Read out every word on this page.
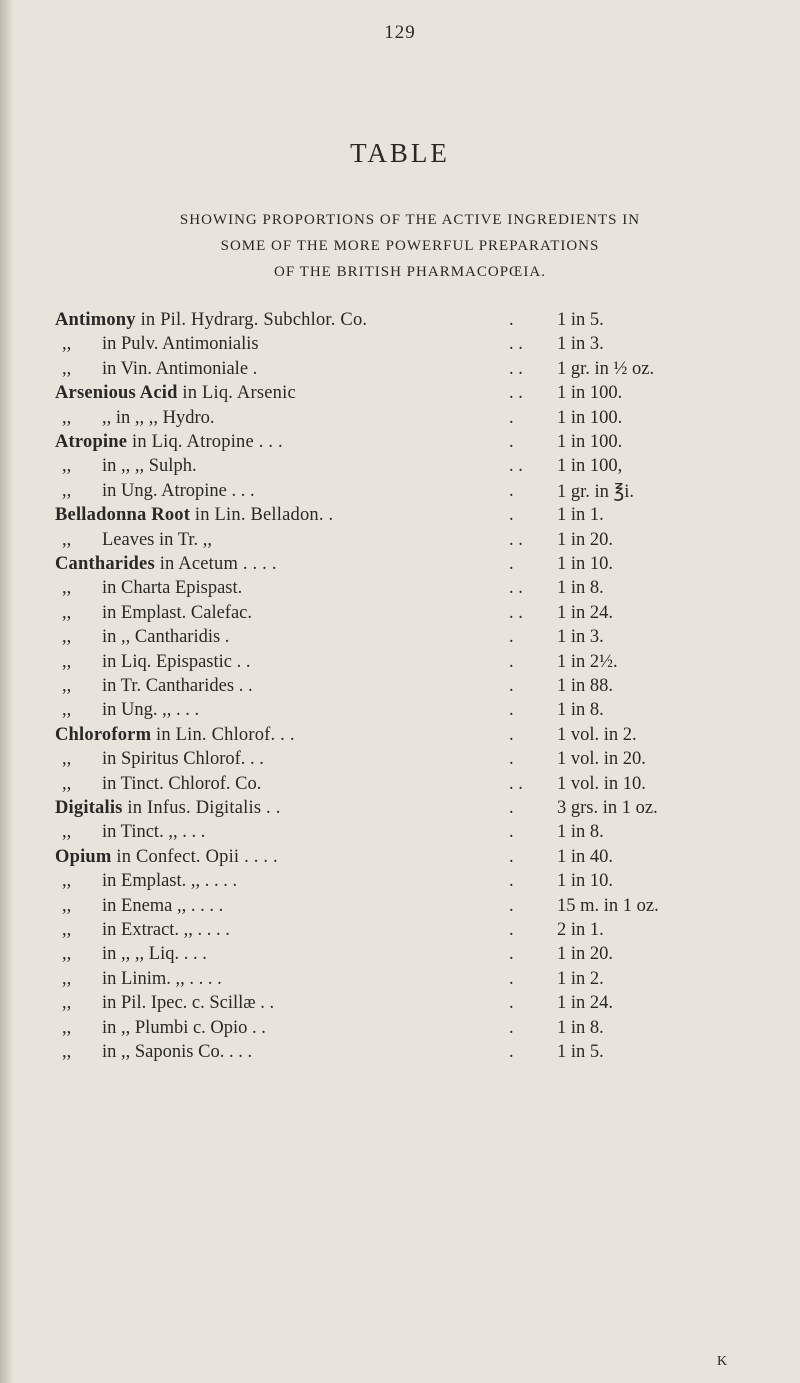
129
TABLE
SHOWING PROPORTIONS OF THE ACTIVE INGREDIENTS IN
SOME OF THE MORE POWERFUL PREPARATIONS
OF THE BRITISH PHARMACOPŒIA.
Antimony in Pil. Hydrarg. Subchlor. Co.	.	1 in 5.
,,	in Pulv. Antimonialis	. .	1 in 3.
,,	in Vin. Antimoniale .	. .	1 gr. in ½ oz.
Arsenious Acid in Liq. Arsenic	. .	1 in 100.
,,	,, in ,, ,, Hydro.	.	1 in 100.
Atropine in Liq. Atropine . . .	.	1 in 100.
,,	in ,, ,, Sulph.	. .	1 in 100,
,,	in Ung. Atropine . . .	.	1 gr. in ℥i.
Belladonna Root in Lin. Belladon. .	.	1 in 1.
,,	Leaves in Tr. ,,	. .	1 in 20.
Cantharides in Acetum . . . .	.	1 in 10.
,,	in Charta Epispast.	. .	1 in 8.
,,	in Emplast. Calefac.	. .	1 in 24.
,,	in ,, Cantharidis .	.	1 in 3.
,,	in Liq. Epispastic . .	.	1 in 2½.
,,	in Tr. Cantharides . .	.	1 in 88.
,,	in Ung. ,, . . .	.	1 in 8.
Chloroform in Lin. Chlorof. . .	.	1 vol. in 2.
,,	in Spiritus Chlorof. . .	.	1 vol. in 20.
,,	in Tinct. Chlorof. Co.	. .	1 vol. in 10.
Digitalis in Infus. Digitalis . .	.	3 grs. in 1 oz.
,,	in Tinct. ,, . . .	.	1 in 8.
Opium in Confect. Opii . . . .	.	1 in 40.
,,	in Emplast. ,, . . . .	.	1 in 10.
,,	in Enema ,, . . . .	.	15 m. in 1 oz.
,,	in Extract. ,, . . . .	.	2 in 1.
,,	in ,, ,, Liq. . . .	.	1 in 20.
,,	in Linim. ,, . . . .	.	1 in 2.
,,	in Pil. Ipec. c. Scillæ . .	.	1 in 24.
,,	in ,, Plumbi c. Opio . .	.	1 in 8.
,,	in ,, Saponis Co. . . .	.	1 in 5.
K
